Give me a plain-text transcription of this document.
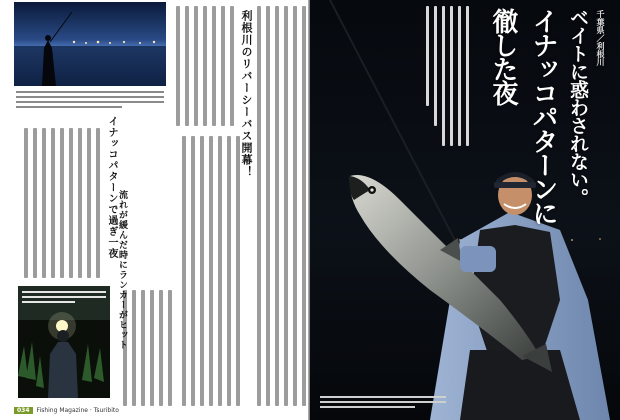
利根川のリバーシーバス開幕！
イナッコパターンで過ぎ一夜
流れが緩んだ時にランカーがヒット
034	Fishing Magazine · Tsuribito
千葉県／利根川
ベイトに惑わされない。
イナッコパターンに
徹した夜
